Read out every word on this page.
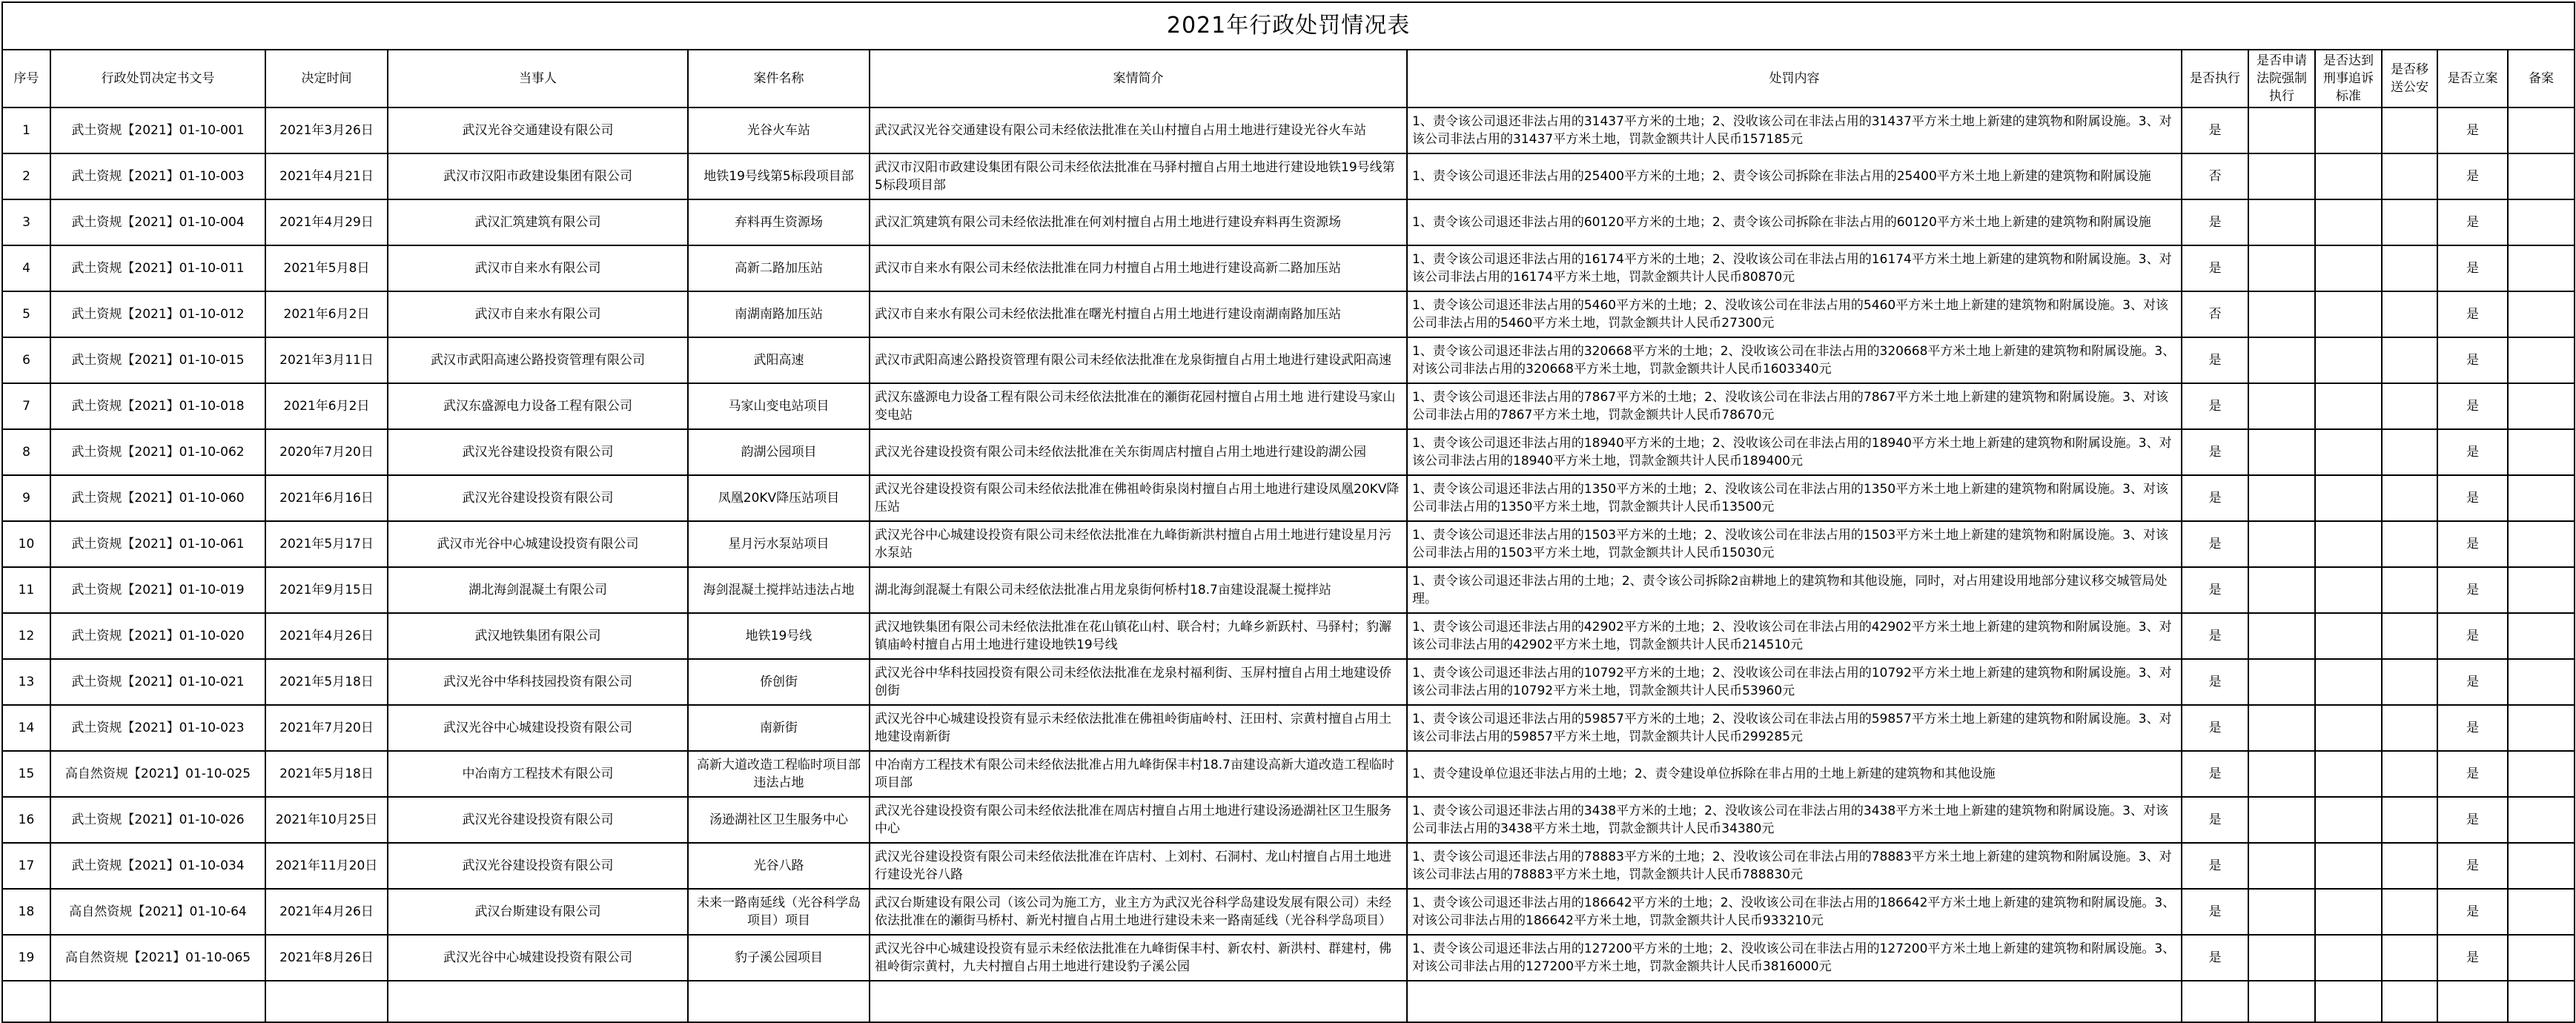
2021年行政处罚情况表												
序号	行政处罚决定书文号	决定时间	当事人	案件名称	案情简介	处罚内容	是否执行	是否申请法院强制执行	是否达到刑事追诉标准	是否移送公安	是否立案	备案
1	武土资规【2021】01-10-001	2021年3月26日	武汉光谷交通建设有限公司	光谷火车站	武汉武汉光谷交通建设有限公司未经依法批准在关山村擅自占用土地进行建设光谷火车站	1、责令该公司退还非法占用的31437平方米的土地；2、没收该公司在非法占用的31437平方米土地上新建的建筑物和附属设施。3、对该公司非法占用的31437平方米土地，罚款金额共计人民币157185元	是				是	
2	武土资规【2021】01-10-003	2021年4月21日	武汉市汉阳市政建设集团有限公司	地铁19号线第5标段项目部	武汉市汉阳市政建设集团有限公司未经依法批准在马驿村擅自占用土地进行建设地铁19号线第5标段项目部	1、责令该公司退还非法占用的25400平方米的土地；2、责令该公司拆除在非法占用的25400平方米土地上新建的建筑物和附属设施	否				是	
3	武土资规【2021】01-10-004	2021年4月29日	武汉汇筑建筑有限公司	弃料再生资源场	武汉汇筑建筑有限公司未经依法批准在何刘村擅自占用土地进行建设弃料再生资源场	1、责令该公司退还非法占用的60120平方米的土地；2、责令该公司拆除在非法占用的60120平方米土地上新建的建筑物和附属设施	是				是	
4	武土资规【2021】01-10-011	2021年5月8日	武汉市自来水有限公司	高新二路加压站	武汉市自来水有限公司未经依法批准在同力村擅自占用土地进行建设高新二路加压站	1、责令该公司退还非法占用的16174平方米的土地；2、没收该公司在非法占用的16174平方米土地上新建的建筑物和附属设施。3、对该公司非法占用的16174平方米土地，罚款金额共计人民币80870元	是				是	
5	武土资规【2021】01-10-012	2021年6月2日	武汉市自来水有限公司	南湖南路加压站	武汉市自来水有限公司未经依法批准在曙光村擅自占用土地进行建设南湖南路加压站	1、责令该公司退还非法占用的5460平方米的土地；2、没收该公司在非法占用的5460平方米土地上新建的建筑物和附属设施。3、对该公司非法占用的5460平方米土地，罚款金额共计人民币27300元	否				是	
6	武土资规【2021】01-10-015	2021年3月11日	武汉市武阳高速公路投资管理有限公司	武阳高速	武汉市武阳高速公路投资管理有限公司未经依法批准在龙泉街擅自占用土地进行建设武阳高速	1、责令该公司退还非法占用的320668平方米的土地；2、没收该公司在非法占用的320668平方米土地上新建的建筑物和附属设施。3、对该公司非法占用的320668平方米土地，罚款金额共计人民币1603340元	是				是	
7	武土资规【2021】01-10-018	2021年6月2日	武汉东盛源电力设备工程有限公司	马家山变电站项目	武汉东盛源电力设备工程有限公司未经依法批准在的瀬街花园村擅自占用土地 进行建设马家山变电站	1、责令该公司退还非法占用的7867平方米的土地；2、没收该公司在非法占用的7867平方米土地上新建的建筑物和附属设施。3、对该公司非法占用的7867平方米土地，罚款金额共计人民币78670元	是				是	
8	武土资规【2021】01-10-062	2020年7月20日	武汉光谷建设投资有限公司	韵湖公园项目	武汉光谷建设投资有限公司未经依法批准在关东街周店村擅自占用土地进行建设韵湖公园	1、责令该公司退还非法占用的18940平方米的土地；2、没收该公司在非法占用的18940平方米土地上新建的建筑物和附属设施。3、对该公司非法占用的18940平方米土地，罚款金额共计人民币189400元	是				是	
9	武土资规【2021】01-10-060	2021年6月16日	武汉光谷建设投资有限公司	凤凰20KV降压站项目	武汉光谷建设投资有限公司未经依法批准在佛祖岭街泉岗村擅自占用土地进行建设凤凰20KV降压站	1、责令该公司退还非法占用的1350平方米的土地；2、没收该公司在非法占用的1350平方米土地上新建的建筑物和附属设施。3、对该公司非法占用的1350平方米土地，罚款金额共计人民币13500元	是				是	
10	武土资规【2021】01-10-061	2021年5月17日	武汉市光谷中心城建设投资有限公司	星月污水泵站项目	武汉光谷中心城建设投资有限公司未经依法批准在九峰街新洪村擅自占用土地进行建设星月污水泵站	1、责令该公司退还非法占用的1503平方米的土地；2、没收该公司在非法占用的1503平方米土地上新建的建筑物和附属设施。3、对该公司非法占用的1503平方米土地，罚款金额共计人民币15030元	是				是	
11	武土资规【2021】01-10-019	2021年9月15日	湖北海剑混凝土有限公司	海剑混凝土搅拌站违法占地	湖北海剑混凝土有限公司未经依法批准占用龙泉街何桥村18.7亩建设混凝土搅拌站	1、责令该公司退还非法占用的土地；2、责令该公司拆除2亩耕地上的建筑物和其他设施，同时，对占用建设用地部分建议移交城管局处理。	是				是	
12	武土资规【2021】01-10-020	2021年4月26日	武汉地铁集团有限公司	地铁19号线	武汉地铁集团有限公司未经依法批准在花山镇花山村、联合村；九峰乡新跃村、马驿村；豹澥镇庙岭村擅自占用土地进行建设地铁19号线	1、责令该公司退还非法占用的42902平方米的土地；2、没收该公司在非法占用的42902平方米土地上新建的建筑物和附属设施。3、对该公司非法占用的42902平方米土地，罚款金额共计人民币214510元	是				是	
13	武土资规【2021】01-10-021	2021年5月18日	武汉光谷中华科技园投资有限公司	侨创街	武汉光谷中华科技园投资有限公司未经依法批准在龙泉村福利街、玉屏村擅自占用土地建设侨创街	1、责令该公司退还非法占用的10792平方米的土地；2、没收该公司在非法占用的10792平方米土地上新建的建筑物和附属设施。3、对该公司非法占用的10792平方米土地，罚款金额共计人民币53960元	是				是	
14	武土资规【2021】01-10-023	2021年7月20日	武汉光谷中心城建设投资有限公司	南新街	武汉光谷中心城建设投资有显示未经依法批准在佛祖岭街庙岭村、汪田村、宗黄村擅自占用土地建设南新街	1、责令该公司退还非法占用的59857平方米的土地；2、没收该公司在非法占用的59857平方米土地上新建的建筑物和附属设施。3、对该公司非法占用的59857平方米土地，罚款金额共计人民币299285元	是				是	
15	高自然资规【2021】01-10-025	2021年5月18日	中冶南方工程技术有限公司	高新大道改造工程临时项目部违法占地	中冶南方工程技术有限公司未经依法批准占用九峰街保丰村18.7亩建设高新大道改造工程临时项目部	1、责令建设单位退还非法占用的土地；2、责令建设单位拆除在非占用的土地上新建的建筑物和其他设施	是				是	
16	武土资规【2021】01-10-026	2021年10月25日	武汉光谷建设投资有限公司	汤逊湖社区卫生服务中心	武汉光谷建设投资有限公司未经依法批准在周店村擅自占用土地进行建设汤逊湖社区卫生服务中心	1、责令该公司退还非法占用的3438平方米的土地；2、没收该公司在非法占用的3438平方米土地上新建的建筑物和附属设施。3、对该公司非法占用的3438平方米土地，罚款金额共计人民币34380元	是				是	
17	武土资规【2021】01-10-034	2021年11月20日	武汉光谷建设投资有限公司	光谷八路	武汉光谷建设投资有限公司未经依法批准在许店村、上刘村、石洞村、龙山村擅自占用土地进行建设光谷八路	1、责令该公司退还非法占用的78883平方米的土地；2、没收该公司在非法占用的78883平方米土地上新建的建筑物和附属设施。3、对该公司非法占用的78883平方米土地，罚款金额共计人民币788830元	是				是	
18	高自然资规【2021】01-10-64	2021年4月26日	武汉台斯建设有限公司	未来一路南延线（光谷科学岛项目）项目	武汉台斯建设有限公司（该公司为施工方，业主方为武汉光谷科学岛建设发展有限公司）未经依法批准在的瀬街马桥村、新光村擅自占用土地进行建设未来一路南延线（光谷科学岛项目）	1、责令该公司退还非法占用的186642平方米的土地；2、没收该公司在非法占用的186642平方米土地上新建的建筑物和附属设施。3、对该公司非法占用的186642平方米土地，罚款金额共计人民币933210元	是				是	
19	高自然资规【2021】01-10-065	2021年8月26日	武汉光谷中心城建设投资有限公司	豹子溪公园项目	武汉光谷中心城建设投资有显示未经依法批准在九峰街保丰村、新农村、新洪村、群建村，佛祖岭街宗黄村，九夫村擅自占用土地进行建设豹子溪公园	1、责令该公司退还非法占用的127200平方米的土地；2、没收该公司在非法占用的127200平方米土地上新建的建筑物和附属设施。3、对该公司非法占用的127200平方米土地，罚款金额共计人民币3816000元	是				是	
